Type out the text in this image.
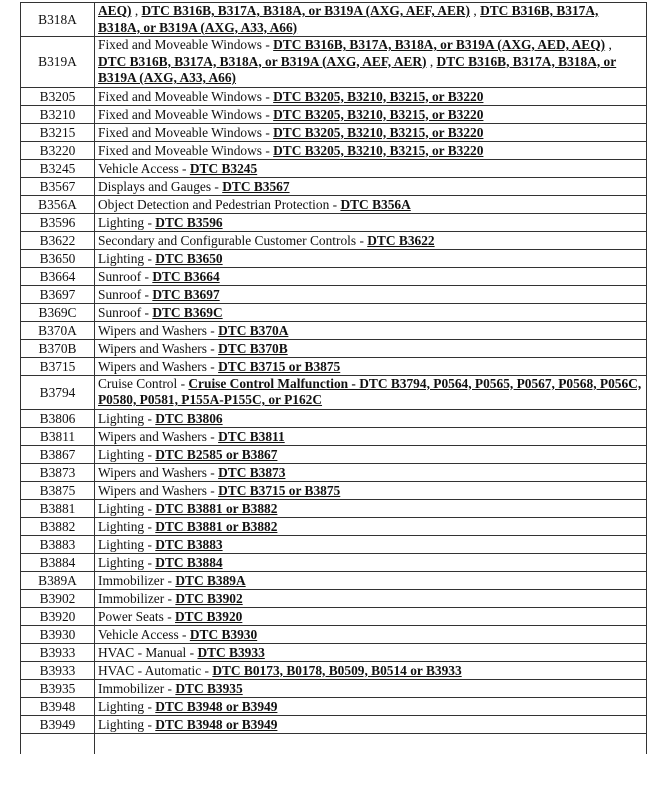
B318A	AEQ) , DTC B316B, B317A, B318A, or B319A (AXG, AEF, AER) , DTC B316B, B317A, B318A, or B319A (AXG, A33, A66)
B319A	Fixed and Moveable Windows - DTC B316B, B317A, B318A, or B319A (AXG, AED, AEQ) , DTC B316B, B317A, B318A, or B319A (AXG, AEF, AER) , DTC B316B, B317A, B318A, or B319A (AXG, A33, A66)
B3205	Fixed and Moveable Windows - DTC B3205, B3210, B3215, or B3220
B3210	Fixed and Moveable Windows - DTC B3205, B3210, B3215, or B3220
B3215	Fixed and Moveable Windows - DTC B3205, B3210, B3215, or B3220
B3220	Fixed and Moveable Windows - DTC B3205, B3210, B3215, or B3220
B3245	Vehicle Access - DTC B3245
B3567	Displays and Gauges - DTC B3567
B356A	Object Detection and Pedestrian Protection - DTC B356A
B3596	Lighting - DTC B3596
B3622	Secondary and Configurable Customer Controls - DTC B3622
B3650	Lighting - DTC B3650
B3664	Sunroof - DTC B3664
B3697	Sunroof - DTC B3697
B369C	Sunroof - DTC B369C
B370A	Wipers and Washers - DTC B370A
B370B	Wipers and Washers - DTC B370B
B3715	Wipers and Washers - DTC B3715 or B3875
B3794	Cruise Control - Cruise Control Malfunction - DTC B3794, P0564, P0565, P0567, P0568, P056C, P0580, P0581, P155A-P155C, or P162C
B3806	Lighting - DTC B3806
B3811	Wipers and Washers - DTC B3811
B3867	Lighting - DTC B2585 or B3867
B3873	Wipers and Washers - DTC B3873
B3875	Wipers and Washers - DTC B3715 or B3875
B3881	Lighting - DTC B3881 or B3882
B3882	Lighting - DTC B3881 or B3882
B3883	Lighting - DTC B3883
B3884	Lighting - DTC B3884
B389A	Immobilizer - DTC B389A
B3902	Immobilizer - DTC B3902
B3920	Power Seats - DTC B3920
B3930	Vehicle Access - DTC B3930
B3933	HVAC - Manual - DTC B3933
B3933	HVAC - Automatic - DTC B0173, B0178, B0509, B0514 or B3933
B3935	Immobilizer - DTC B3935
B3948	Lighting - DTC B3948 or B3949
B3949	Lighting - DTC B3948 or B3949
